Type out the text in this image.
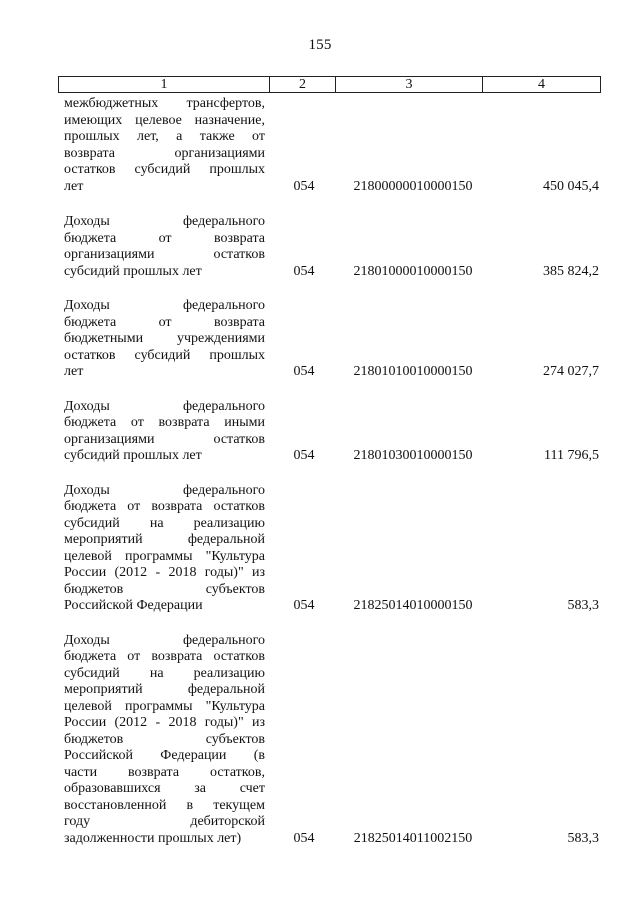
155
1	2	3	4
межбюджетных трансфертов,
имеющих целевое назначение,
прошлых лет, а также от
возврата организациями
остатков субсидий прошлых
лет	054	21800000010000150	450 045,4
Доходы федерального
бюджета от возврата
организациями остатков
субсидий прошлых лет	054	21801000010000150	385 824,2
Доходы федерального
бюджета от возврата
бюджетными учреждениями
остатков субсидий прошлых
лет	054	21801010010000150	274 027,7
Доходы федерального
бюджета от возврата иными
организациями остатков
субсидий прошлых лет	054	21801030010000150	111 796,5
Доходы федерального
бюджета от возврата остатков
субсидий на реализацию
мероприятий федеральной
целевой программы "Культура
России (2012 - 2018 годы)" из
бюджетов субъектов
Российской Федерации	054	21825014010000150	583,3
Доходы федерального
бюджета от возврата остатков
субсидий на реализацию
мероприятий федеральной
целевой программы "Культура
России (2012 - 2018 годы)" из
бюджетов субъектов
Российской Федерации (в
части возврата остатков,
образовавшихся за счет
восстановленной в текущем
году дебиторской
задолженности прошлых лет)	054	21825014011002150	583,3
